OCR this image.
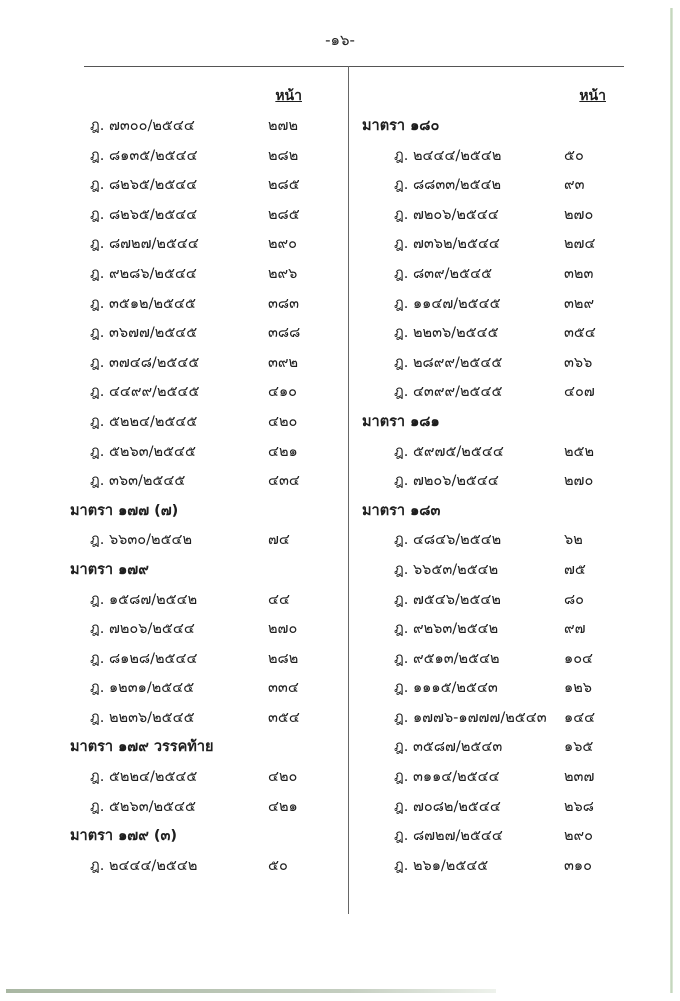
-๑๖-
หน้า
ฎ. ๗๓๐๐/๒๕๔๔	๒๗๒
ฎ. ๘๑๓๕/๒๕๔๔	๒๘๒
ฎ. ๘๒๖๕/๒๕๔๔	๒๘๕
ฎ. ๘๒๖๕/๒๕๔๔	๒๘๕
ฎ. ๘๗๒๗/๒๕๔๔	๒๙๐
ฎ. ๙๒๘๖/๒๕๔๔	๒๙๖
ฎ. ๓๕๑๒/๒๕๔๕	๓๘๓
ฎ. ๓๖๗๗/๒๕๔๕	๓๘๘
ฎ. ๓๗๔๘/๒๕๔๕	๓๙๒
ฎ. ๔๔๙๙/๒๕๔๕	๔๑๐
ฎ. ๕๒๒๔/๒๕๔๕	๔๒๐
ฎ. ๕๒๖๓/๒๕๔๕	๔๒๑
ฎ. ๓๖๓/๒๕๔๕	๔๓๔
มาตรา ๑๗๗ (๗)
ฎ. ๖๖๓๐/๒๕๔๒	๗๔
มาตรา ๑๗๙
ฎ. ๑๕๘๗/๒๕๔๒	๔๔
ฎ. ๗๒๐๖/๒๕๔๔	๒๗๐
ฎ. ๘๑๒๘/๒๕๔๔	๒๘๒
ฎ. ๑๒๓๑/๒๕๔๕	๓๓๔
ฎ. ๒๒๓๖/๒๕๔๕	๓๕๔
มาตรา ๑๗๙ วรรคท้าย
ฎ. ๕๒๒๔/๒๕๔๕	๔๒๐
ฎ. ๕๒๖๓/๒๕๔๕	๔๒๑
มาตรา ๑๗๙ (๓)
ฎ. ๒๔๔๔/๒๕๔๒	๕๐
หน้า
มาตรา ๑๘๐
ฎ. ๒๔๔๔/๒๕๔๒	๕๐
ฎ. ๘๘๓๓/๒๕๔๒	๙๓
ฎ. ๗๒๐๖/๒๕๔๔	๒๗๐
ฎ. ๗๓๖๒/๒๕๔๔	๒๗๔
ฎ. ๘๓๙/๒๕๔๕	๓๒๓
ฎ. ๑๑๔๗/๒๕๔๕	๓๒๙
ฎ. ๒๒๓๖/๒๕๔๕	๓๕๔
ฎ. ๒๘๙๙/๒๕๔๕	๓๖๖
ฎ. ๔๓๙๙/๒๕๔๕	๔๐๗
มาตรา ๑๘๑
ฎ. ๕๙๗๕/๒๕๔๔	๒๕๒
ฎ. ๗๒๐๖/๒๕๔๔	๒๗๐
มาตรา ๑๘๓
ฎ. ๔๘๔๖/๒๕๔๒	๖๒
ฎ. ๖๖๕๓/๒๕๔๒	๗๕
ฎ. ๗๕๔๖/๒๕๔๒	๘๐
ฎ. ๙๒๖๓/๒๕๔๒	๙๗
ฎ. ๙๕๑๓/๒๕๔๒	๑๐๔
ฎ. ๑๑๑๕/๒๕๔๓	๑๒๖
ฎ. ๑๗๗๖-๑๗๗๗/๒๕๔๓ ๑๔๔
ฎ. ๓๕๘๗/๒๕๔๓	๑๖๕
ฎ. ๓๑๑๔/๒๕๔๔	๒๓๗
ฎ. ๗๐๘๒/๒๕๔๔	๒๖๘
ฎ. ๘๗๒๗/๒๕๔๔	๒๙๐
ฎ. ๒๖๑/๒๕๔๕	๓๑๐
